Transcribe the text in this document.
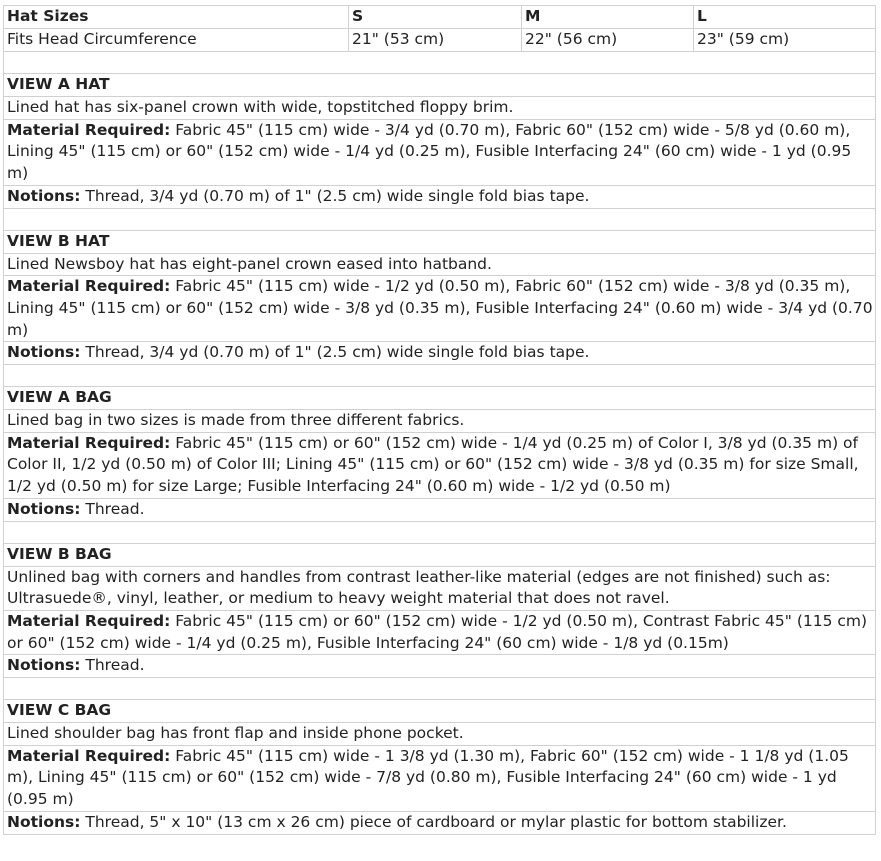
Hat Sizes	S	M	L
Fits Head Circumference	21" (53 cm)	22" (56 cm)	23" (59 cm)

VIEW A HAT			
Lined hat has six-panel crown with wide, topstitched floppy brim.			
Material Required: Fabric 45" (115 cm) wide - 3/4 yd (0.70 m), Fabric 60" (152 cm) wide - 5/8 yd (0.60 m), Lining 45" (115 cm) or 60" (152 cm) wide - 1/4 yd (0.25 m), Fusible Interfacing 24" (60 cm) wide - 1 yd (0.95 m)			
Notions: Thread, 3/4 yd (0.70 m) of 1" (2.5 cm) wide single fold bias tape.			

VIEW B HAT			
Lined Newsboy hat has eight-panel crown eased into hatband.			
Material Required: Fabric 45" (115 cm) wide - 1/2 yd (0.50 m), Fabric 60" (152 cm) wide - 3/8 yd (0.35 m), Lining 45" (115 cm) or 60" (152 cm) wide - 3/8 yd (0.35 m), Fusible Interfacing 24" (0.60 m) wide - 3/4 yd (0.70 m)			
Notions: Thread, 3/4 yd (0.70 m) of 1" (2.5 cm) wide single fold bias tape.			

VIEW A BAG			
Lined bag in two sizes is made from three different fabrics.			
Material Required: Fabric 45" (115 cm) or 60" (152 cm) wide - 1/4 yd (0.25 m) of Color I, 3/8 yd (0.35 m) of Color II, 1/2 yd (0.50 m) of Color III; Lining 45" (115 cm) or 60" (152 cm) wide - 3/8 yd (0.35 m) for size Small, 1/2 yd (0.50 m) for size Large; Fusible Interfacing 24" (0.60 m) wide - 1/2 yd (0.50 m)			
Notions: Thread.			

VIEW B BAG			
Unlined bag with corners and handles from contrast leather-like material (edges are not finished) such as: Ultrasuede®, vinyl, leather, or medium to heavy weight material that does not ravel.			
Material Required: Fabric 45" (115 cm) or 60" (152 cm) wide - 1/2 yd (0.50 m), Contrast Fabric 45" (115 cm) or 60" (152 cm) wide - 1/4 yd (0.25 m), Fusible Interfacing 24" (60 cm) wide - 1/8 yd (0.15m)			
Notions: Thread.			

VIEW C BAG			
Lined shoulder bag has front flap and inside phone pocket.			
Material Required: Fabric 45" (115 cm) wide - 1 3/8 yd (1.30 m), Fabric 60" (152 cm) wide - 1 1/8 yd (1.05 m), Lining 45" (115 cm) or 60" (152 cm) wide - 7/8 yd (0.80 m), Fusible Interfacing 24" (60 cm) wide - 1 yd (0.95 m)			
Notions: Thread, 5" x 10" (13 cm x 26 cm) piece of cardboard or mylar plastic for bottom stabilizer.			
